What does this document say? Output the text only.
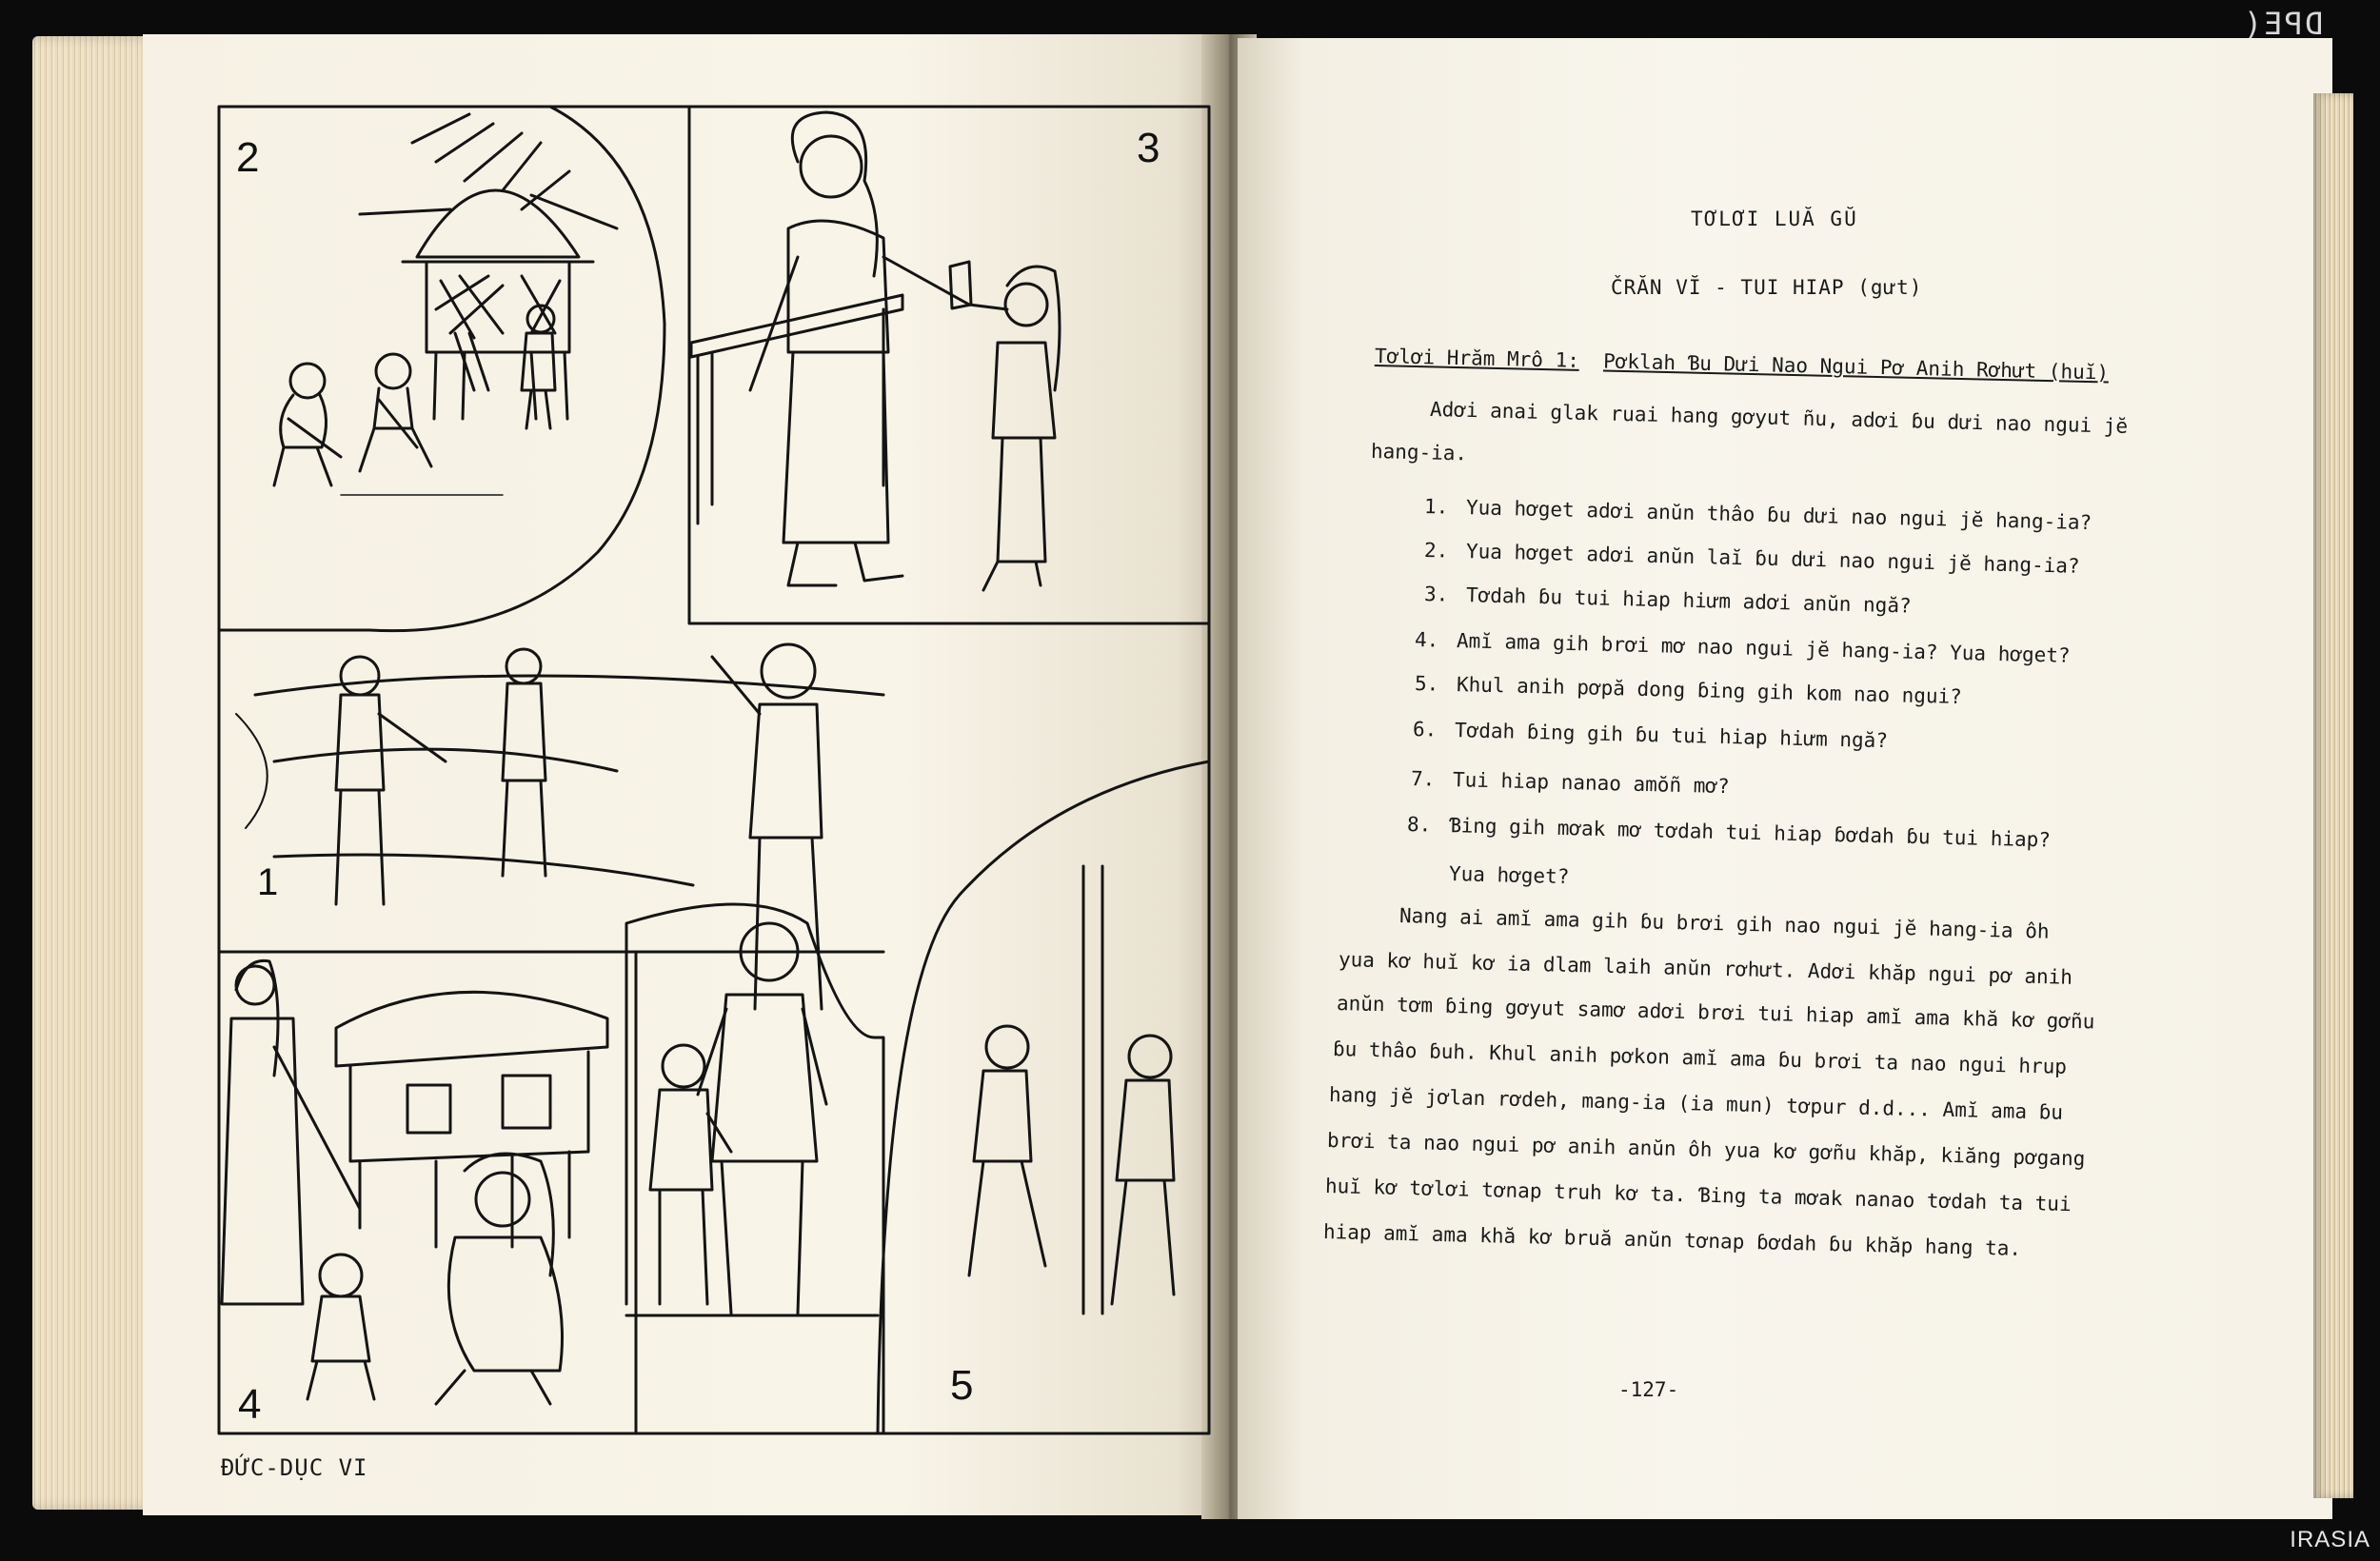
DPE(
2	3
1
4	5
ĐỨC-DỤC VI
TƠLƠI LUĂ GŬ
ČRĂN VĬ - TUI HIAP (gưt)
Tơlơi Hrăm Mrô 1: Pơklah Ɓu Dưi Nao Ngui Pơ Anih Rơhưt (huĭ)
Adơi anai glak ruai hang gơyut ñu, adơi ɓu dưi nao ngui jĕ
hang-ia.
1. Yua hơget adơi anŭn thâo ɓu dưi nao ngui jĕ hang-ia?
2. Yua hơget adơi anŭn laĭ ɓu dưi nao ngui jĕ hang-ia?
3. Tơdah ɓu tui hiap hiưm adơi anŭn ngă?
4. Amĭ ama gih brơi mơ nao ngui jĕ hang-ia? Yua hơget?
5. Khul anih pơpă dong ɓing gih kom nao ngui?
6. Tơdah ɓing gih ɓu tui hiap hiưm ngă?
7. Tui hiap nanao amŏñ mơ?
8. Ɓing gih mơak mơ tơdah tui hiap ɓơdah ɓu tui hiap?
Yua hơget?
Nang ai amĭ ama gih ɓu brơi gih nao ngui jĕ hang-ia ôh
yua kơ huĭ kơ ia dlam laih anŭn rơhưt. Adơi khăp ngui pơ anih
anŭn tơm ɓing gơyut samơ adơi brơi tui hiap amĭ ama khă kơ gơñu
ɓu thâo ɓuh. Khul anih pơkon amĭ ama ɓu brơi ta nao ngui hrup
hang jĕ jơlan rơdeh, mang-ia (ia mun) tơpur d.d... Amĭ ama ɓu
brơi ta nao ngui pơ anih anŭn ôh yua kơ gơñu khăp, kiăng pơgang
huĭ kơ tơlơi tơnap truh kơ ta. Ɓing ta mơak nanao tơdah ta tui
hiap amĭ ama khă kơ bruă anŭn tơnap ɓơdah ɓu khăp hang ta.
-127-
IRASIA
